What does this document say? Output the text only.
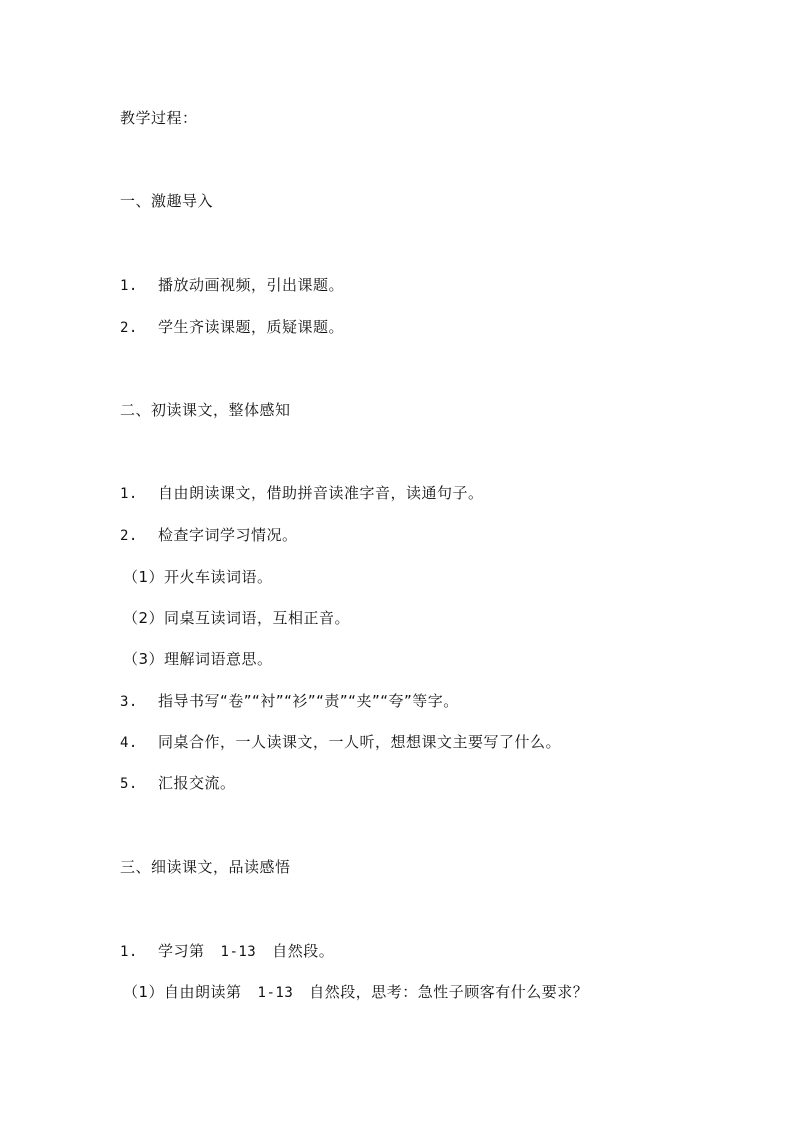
教学过程：
一、激趣导入
1. 播放动画视频，引出课题。
2. 学生齐读课题，质疑课题。
二、初读课文，整体感知
1. 自由朗读课文，借助拼音读准字音，读通句子。
2. 检查字词学习情况。
（1）开火车读词语。
（2）同桌互读词语，互相正音。
（3）理解词语意思。
3. 指导书写“卷”“衬”“衫”“责”“夹”“夸”等字。
4. 同桌合作，一人读课文，一人听，想想课文主要写了什么。
5. 汇报交流。
三、细读课文，品读感悟
1. 学习第 1-13 自然段。
（1）自由朗读第 1-13 自然段，思考：急性子顾客有什么要求？
